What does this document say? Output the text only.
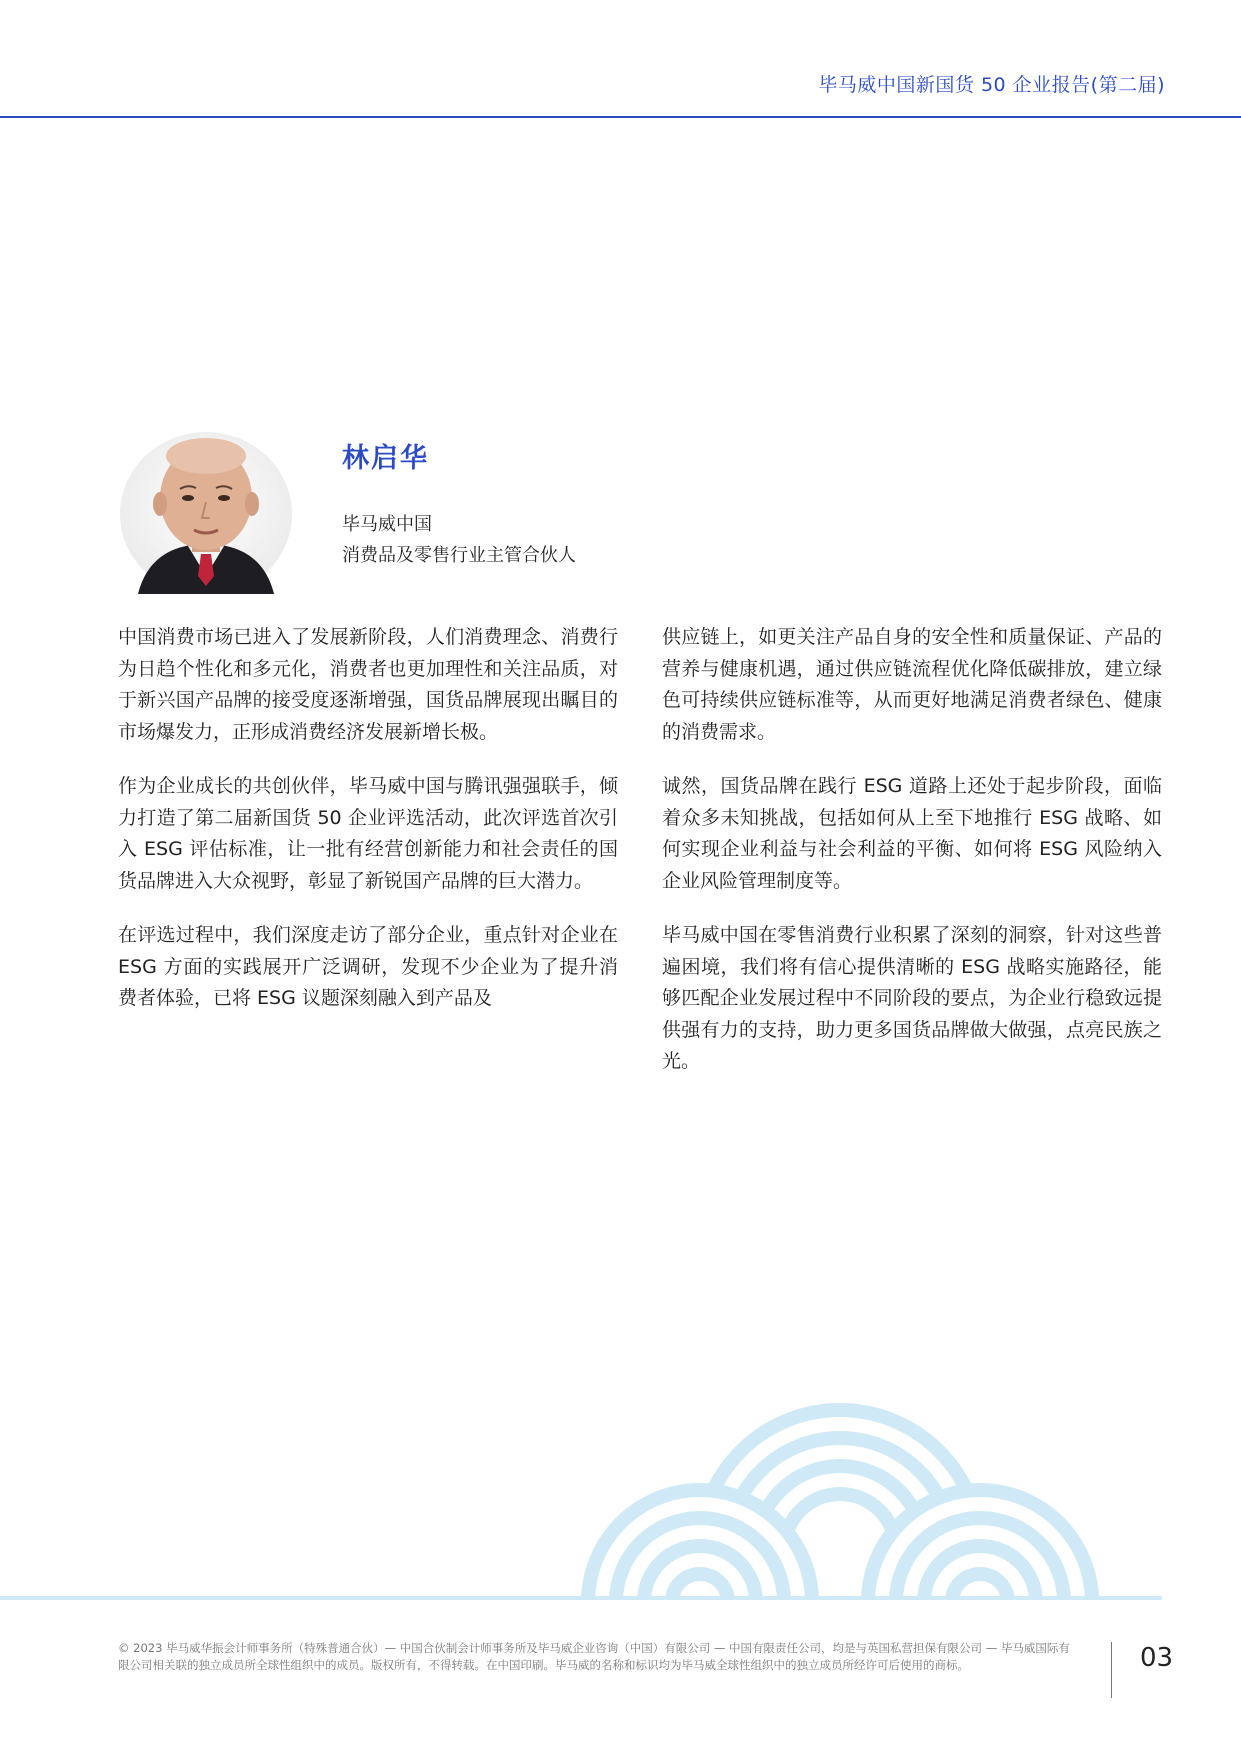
毕马威中国新国货 50 企业报告(第二届)
林启华
毕马威中国
消费品及零售行业主管合伙人

中国消费市场已进入了发展新阶段，人们消费理念、消费行为日趋个性化和多元化，消费者也更加理性和关注品质，对于新兴国产品牌的接受度逐渐增强，国货品牌展现出瞩目的市场爆发力，正形成消费经济发展新增长极。

作为企业成长的共创伙伴，毕马威中国与腾讯强强联手，倾力打造了第二届新国货 50 企业评选活动，此次评选首次引入 ESG 评估标准，让一批有经营创新能力和社会责任的国货品牌进入大众视野，彰显了新锐国产品牌的巨大潜力。

在评选过程中，我们深度走访了部分企业，重点针对企业在 ESG 方面的实践展开广泛调研，发现不少企业为了提升消费者体验，已将 ESG 议题深刻融入到产品及

供应链上，如更关注产品自身的安全性和质量保证、产品的营养与健康机遇，通过供应链流程优化降低碳排放，建立绿色可持续供应链标准等，从而更好地满足消费者绿色、健康的消费需求。

诚然，国货品牌在践行 ESG 道路上还处于起步阶段，面临着众多未知挑战，包括如何从上至下地推行 ESG 战略、如何实现企业利益与社会利益的平衡、如何将 ESG 风险纳入企业风险管理制度等。

毕马威中国在零售消费行业积累了深刻的洞察，针对这些普遍困境，我们将有信心提供清晰的 ESG 战略实施路径，能够匹配企业发展过程中不同阶段的要点，为企业行稳致远提供强有力的支持，助力更多国货品牌做大做强，点亮民族之光。

© 2023 毕马威华振会计师事务所（特殊普通合伙）— 中国合伙制会计师事务所及毕马威企业咨询（中国）有限公司 — 中国有限责任公司，均是与英国私营担保有限公司 — 毕马威国际有限公司相关联的独立成员所全球性组织中的成员。版权所有，不得转载。在中国印刷。毕马威的名称和标识均为毕马威全球性组织中的独立成员所经许可后使用的商标。	03
